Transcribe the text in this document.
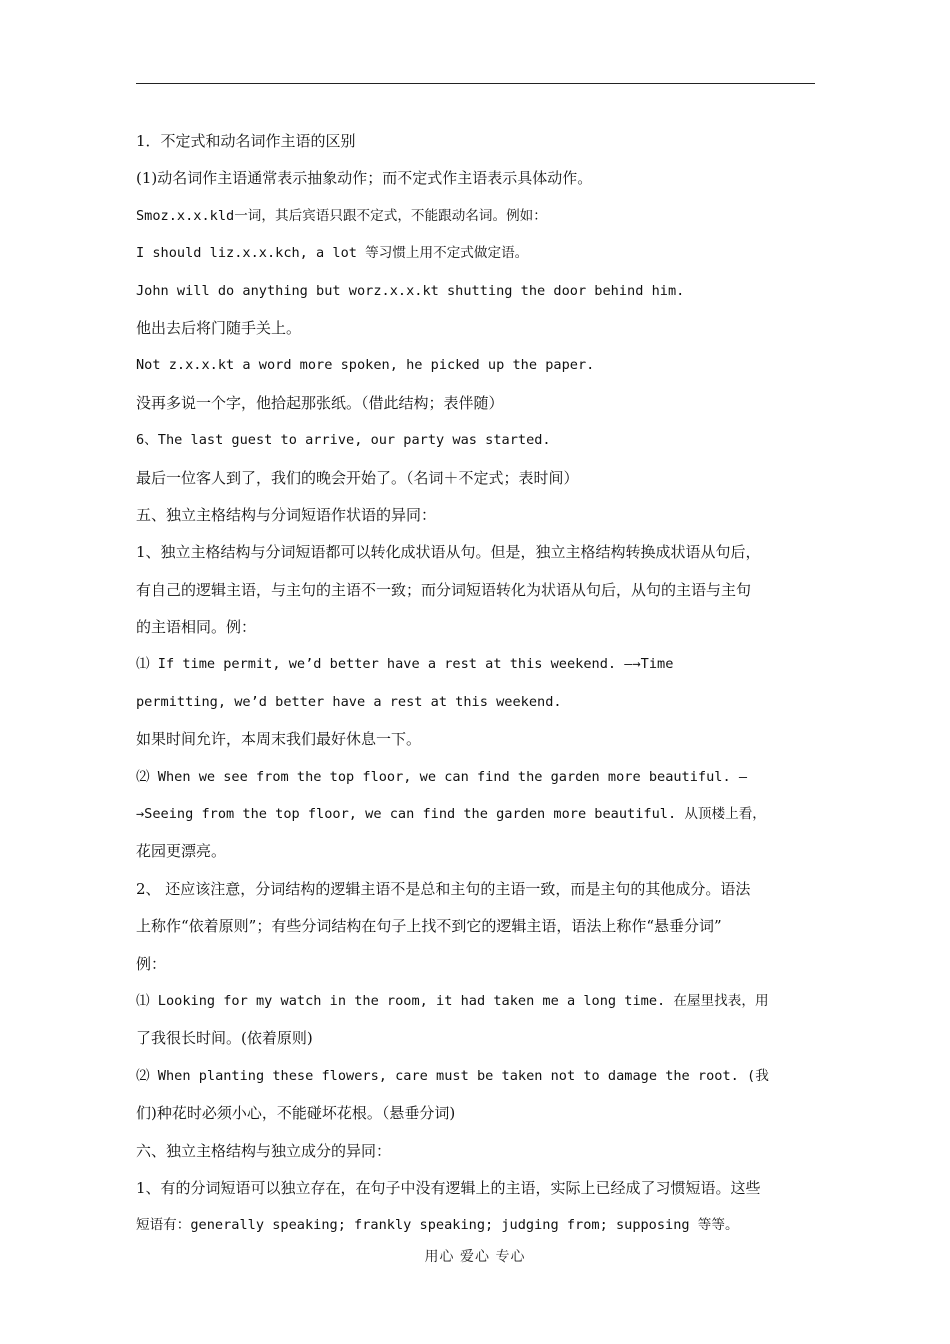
1．不定式和动名词作主语的区别
(1)动名词作主语通常表示抽象动作；而不定式作主语表示具体动作。
Smoz.x.x.kld一词，其后宾语只跟不定式，不能跟动名词。例如：
I should liz.x.x.kch, a lot 等习惯上用不定式做定语。
John will do anything but worz.x.x.kt shutting the door behind him.
他出去后将门随手关上。
Not z.x.x.kt a word more spoken, he picked up the paper.
没再多说一个字，他拾起那张纸。（借此结构；表伴随）
6、The last guest to arrive, our party was started.
最后一位客人到了，我们的晚会开始了。（名词＋不定式；表时间）
五、独立主格结构与分词短语作状语的异同：
1、独立主格结构与分词短语都可以转化成状语从句。但是，独立主格结构转换成状语从句后，
有自己的逻辑主语，与主句的主语不一致；而分词短语转化为状语从句后，从句的主语与主句
的主语相同。例：
⑴ If time permit, we’d better have a rest at this weekend. —→Time
permitting, we’d better have a rest at this weekend.
如果时间允许，本周末我们最好休息一下。
⑵ When we see from the top floor, we can find the garden more beautiful. —
→Seeing from the top floor, we can find the garden more beautiful. 从顶楼上看，
花园更漂亮。
2、 还应该注意，分词结构的逻辑主语不是总和主句的主语一致，而是主句的其他成分。语法
上称作“依着原则”；有些分词结构在句子上找不到它的逻辑主语，语法上称作“悬垂分词”
例：
⑴ Looking for my watch in the room, it had taken me a long time. 在屋里找表，用
了我很长时间。(依着原则)
⑵ When planting these flowers, care must be taken not to damage the root. (我
们)种花时必须小心，不能碰坏花根。（悬垂分词)
六、独立主格结构与独立成分的异同：
1、有的分词短语可以独立存在，在句子中没有逻辑上的主语，实际上已经成了习惯短语。这些
短语有：generally speaking; frankly speaking; judging from; supposing 等等。
用心 爱心 专心
